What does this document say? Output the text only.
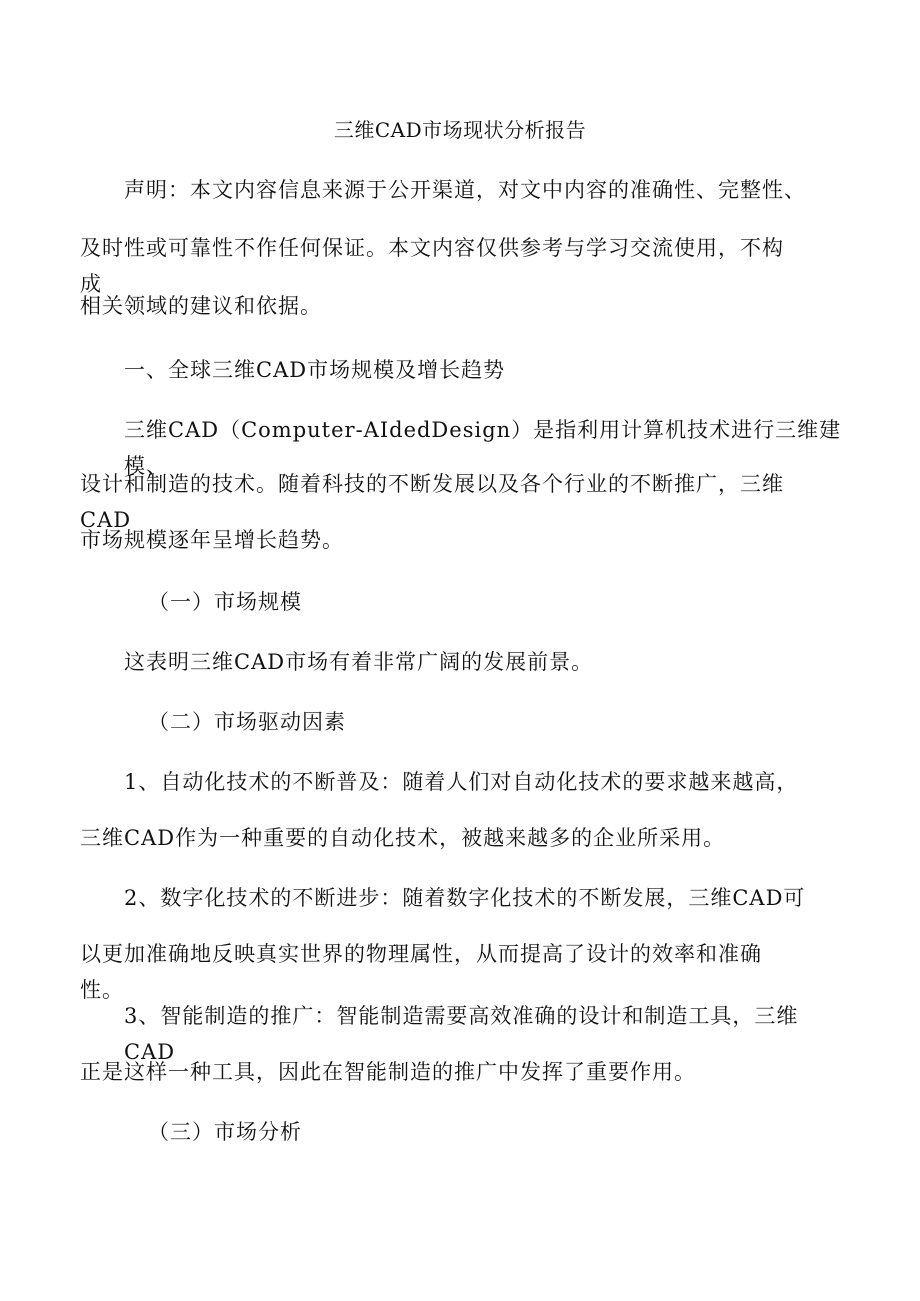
三维CAD市场现状分析报告
声明：本文内容信息来源于公开渠道，对文中内容的准确性、完整性、
及时性或可靠性不作任何保证。本文内容仅供参考与学习交流使用，不构成
相关领域的建议和依据。
一、全球三维CAD市场规模及增长趋势
三维CAD（Computer-AIdedDesign）是指利用计算机技术进行三维建模、
设计和制造的技术。随着科技的不断发展以及各个行业的不断推广，三维CAD
市场规模逐年呈增长趋势。
（一）市场规模
这表明三维CAD市场有着非常广阔的发展前景。
（二）市场驱动因素
1、自动化技术的不断普及：随着人们对自动化技术的要求越来越高，
三维CAD作为一种重要的自动化技术，被越来越多的企业所采用。
2、数字化技术的不断进步：随着数字化技术的不断发展，三维CAD可
以更加准确地反映真实世界的物理属性，从而提高了设计的效率和准确性。
3、智能制造的推广：智能制造需要高效准确的设计和制造工具，三维CAD
正是这样一种工具，因此在智能制造的推广中发挥了重要作用。
（三）市场分析
